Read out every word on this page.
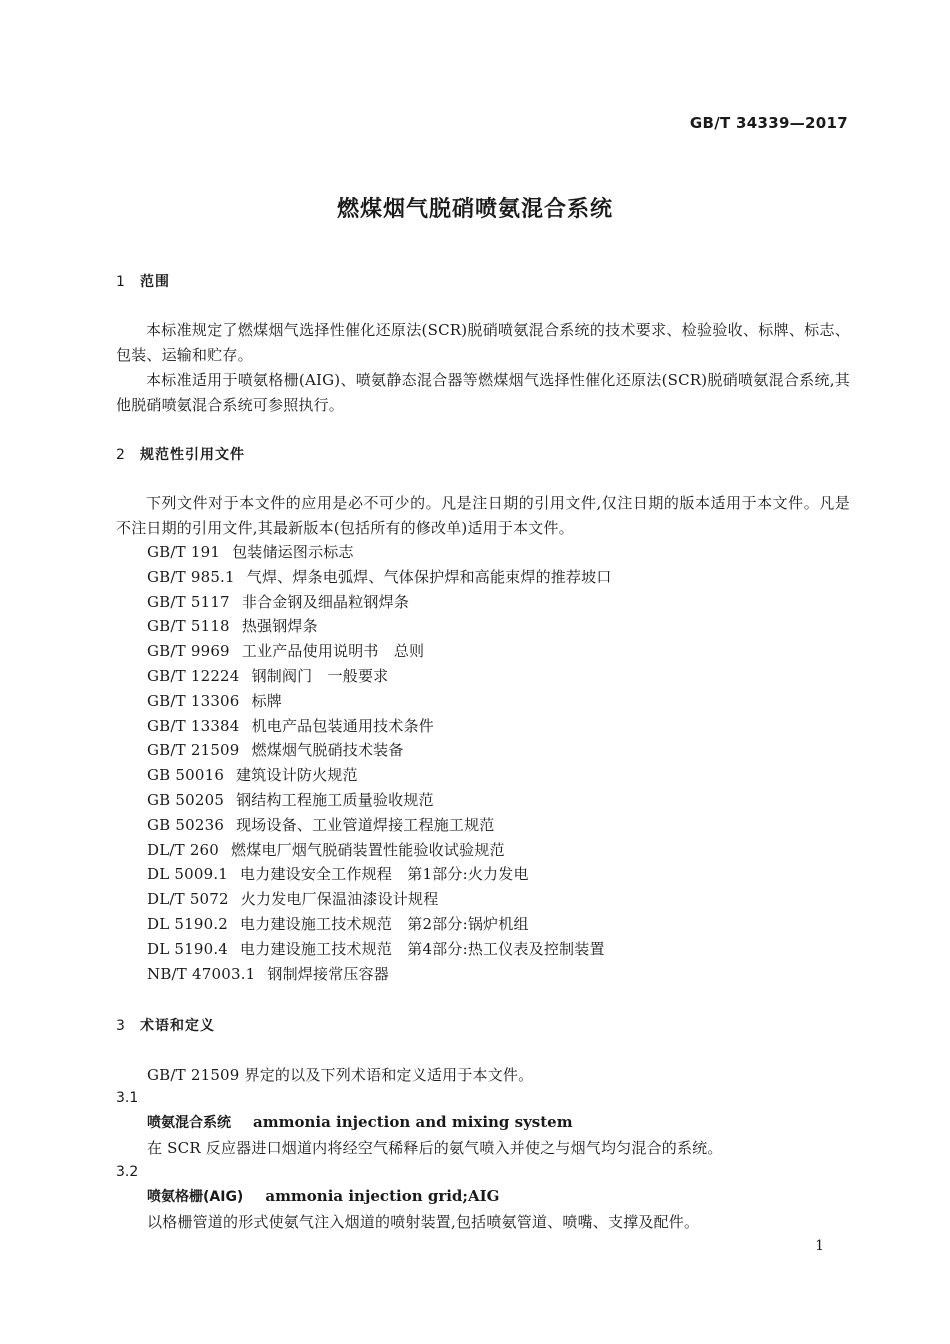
GB/T 34339—2017
燃煤烟气脱硝喷氨混合系统
1 范围
本标准规定了燃煤烟气选择性催化还原法(SCR)脱硝喷氨混合系统的技术要求、检验验收、标牌、标志、包装、运输和贮存。
本标准适用于喷氨格栅(AIG)、喷氨静态混合器等燃煤烟气选择性催化还原法(SCR)脱硝喷氨混合系统,其他脱硝喷氨混合系统可参照执行。
2 规范性引用文件
下列文件对于本文件的应用是必不可少的。凡是注日期的引用文件,仅注日期的版本适用于本文件。凡是不注日期的引用文件,其最新版本(包括所有的修改单)适用于本文件。
GB/T 191 包装储运图示标志
GB/T 985.1 气焊、焊条电弧焊、气体保护焊和高能束焊的推荐坡口
GB/T 5117 非合金钢及细晶粒钢焊条
GB/T 5118 热强钢焊条
GB/T 9969 工业产品使用说明书　总则
GB/T 12224 钢制阀门　一般要求
GB/T 13306 标牌
GB/T 13384 机电产品包装通用技术条件
GB/T 21509 燃煤烟气脱硝技术装备
GB 50016 建筑设计防火规范
GB 50205 钢结构工程施工质量验收规范
GB 50236 现场设备、工业管道焊接工程施工规范
DL/T 260 燃煤电厂烟气脱硝装置性能验收试验规范
DL 5009.1 电力建设安全工作规程　第1部分:火力发电
DL/T 5072 火力发电厂保温油漆设计规程
DL 5190.2 电力建设施工技术规范　第2部分:锅炉机组
DL 5190.4 电力建设施工技术规范　第4部分:热工仪表及控制装置
NB/T 47003.1 钢制焊接常压容器
3 术语和定义
GB/T 21509 界定的以及下列术语和定义适用于本文件。
3.1
喷氨混合系统 ammonia injection and mixing system
在 SCR 反应器进口烟道内将经空气稀释后的氨气喷入并使之与烟气均匀混合的系统。
3.2
喷氨格栅(AIG) ammonia injection grid;AIG
以格栅管道的形式使氨气注入烟道的喷射装置,包括喷氨管道、喷嘴、支撑及配件。
1
